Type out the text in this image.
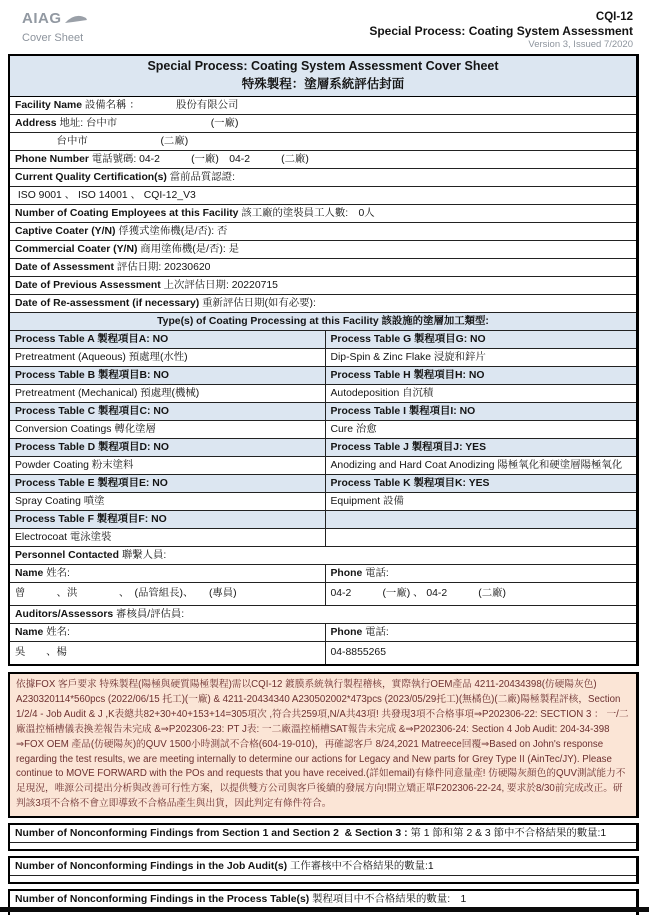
AIAG
Cover Sheet
CQI-12
Special Process: Coating System Assessment
Version 3, Issued 7/2020
Special Process: Coating System Assessment Cover Sheet
特殊製程：塗層系統評估封面
Facility Name 設備名稱 ：　　　　股份有限公司
Address 地址: 台中市　　　　　　　　　(一廠)
　　　　台中市　　　　　　　(二廠)
Phone Number 電話號碼: 04-2　　　(一廠)　04-2　　　(二廠)
Current Quality Certification(s) 當前品質認證:
ISO 9001 、 ISO 14001 、 CQI-12_V3
Number of Coating Employees at this Facility 該工廠的塗裝員工人數:　0人
Captive Coater (Y/N) 俘獲式塗佈機(是/否): 否
Commercial Coater (Y/N) 商用塗佈機(是/否): 是
Date of Assessment 評估日期: 20230620
Date of Previous Assessment 上次評估日期: 20220715
Date of Re-assessment (if necessary) 重新評估日期(如有必要):
Type(s) of Coating Processing at this Facility 該設施的塗層加工類型:
Process Table A 製程項目A: NO	Process Table G 製程項目G: NO
Pretreatment (Aqueous) 預處理(水性)	Dip-Spin & Zinc Flake 浸旋和鋅片
Process Table B 製程項目B: NO	Process Table H 製程項目H: NO
Pretreatment (Mechanical) 預處理(機械)	Autodeposition 自沉積
Process Table C 製程項目C: NO	Process Table I 製程項目I: NO
Conversion Coatings 轉化塗層	Cure 治愈
Process Table D 製程項目D: NO	Process Table J 製程項目J: YES
Powder Coating 粉末塗料	Anodizing and Hard Coat Anodizing 陽極氧化和硬塗層陽極氧化
Process Table E 製程項目E: NO	Process Table K 製程項目K: YES
Spray Coating 噴塗	Equipment 設備
Process Table F 製程項目F: NO
Electrocoat 電泳塗裝
Personnel Contacted 聯繫人員:
Name 姓名:	Phone 電話:
曾　　　、洪　　　　、　(品管組長)、　　(專員)	04-2　　　(一廠) 、 04-2　　　(二廠)
Auditors/Assessors 審核員/評估員:
Name 姓名:	Phone 電話:
吳　　、楊	04-8855265
依據FOX 客戶要求 特殊製程(陽極與硬質陽極製程)需以CQI-12 鍍膜系統執行製程稽核，實際執行OEM產品 4211-20434398(仿硬陽灰色) A230320114*560pcs (2022/06/15 托工)(一廠) & 4211-20434340 A230502002*473pcs (2023/05/29托工)(無橘色)(二廠)陽極製程評核，Section 1/2/4 - Job Audit & J ,K表總共82+30+40+153+14=305項次 ,符合共259項,N/A共43項! 共發現3項不合格事項⇒P202306-22: SECTION 3 ： 一/二廠溫控桶槽儀表換差報告未完成 &⇒P202306-23: PT J表: 一二廠溫控桶槽SAT報告未完成 &⇒P202306-24: Section 4 Job Audit: 204-34-398 ⇒FOX OEM 產品(仿硬陽灰)的QUV 1500小時測試不合格(604-19-010)，再確認客戶 8/24,2021 Matreece回覆⇒Based on John's response regarding the test results, we are meeting internally to determine our actions for Legacy and New parts for Grey Type II (AinTec/JY). Please continue to MOVE FORWARD with the POs and requests that you have received.(詳如email)有條件同意量產! 仿硬陽灰顏色的QUV測試能力不足現況，唯源公司提出分析與改善可行性方案，以提供雙方公司與客戶後續的發展方向!開立矯正單F202306-22-24, 要求於8/30前完成改正。研判該3項不合格不會立即導致不合格品產生與出貨，因此判定有條件符合。
Number of Nonconforming Findings from Section 1 and Section 2  & Section 3 : 第 1 節和第 2 & 3 節中不合格結果的數量:1
Number of Nonconforming Findings in the Job Audit(s) 工作審核中不合格結果的數量:1
Number of Nonconforming Findings in the Process Table(s) 製程項目中不合格結果的數量:　1
